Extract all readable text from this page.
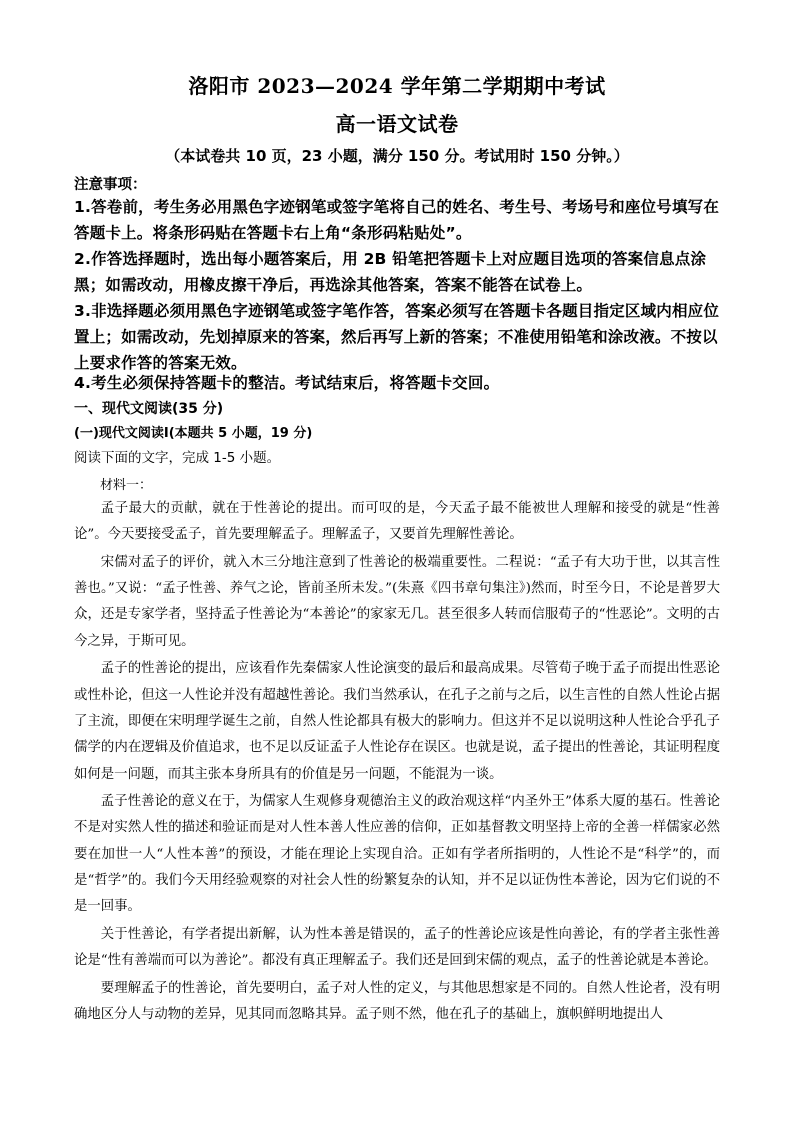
洛阳市 2023—2024 学年第二学期期中考试
高一语文试卷
（本试卷共 10 页，23 小题，满分 150 分。考试用时 150 分钟。）
注意事项：
1.答卷前，考生务必用黑色字迹钢笔或签字笔将自己的姓名、考生号、考场号和座位号填写在答题卡上。将条形码贴在答题卡右上角“条形码粘贴处”。
2.作答选择题时，选出每小题答案后，用 2B 铅笔把答题卡上对应题目选项的答案信息点涂黑；如需改动，用橡皮擦干净后，再选涂其他答案，答案不能答在试卷上。
3.非选择题必须用黑色字迹钢笔或签字笔作答，答案必须写在答题卡各题目指定区域内相应位置上；如需改动，先划掉原来的答案，然后再写上新的答案；不准使用铅笔和涂改液。不按以上要求作答的答案无效。
4.考生必须保持答题卡的整洁。考试结束后，将答题卡交回。
一、现代文阅读(35 分)
(一)现代文阅读Ⅰ(本题共 5 小题，19 分)
阅读下面的文字，完成 1-5 小题。
材料一：

孟子最大的贡献，就在于性善论的提出。而可叹的是，今天孟子最不能被世人理解和接受的就是“性善论”。今天要接受孟子，首先要理解孟子。理解孟子，又要首先理解性善论。

宋儒对孟子的评价，就入木三分地注意到了性善论的极端重要性。二程说：“孟子有大功于世，以其言性善也。”又说：“孟子性善、养气之论，皆前圣所未发。”(朱熹《四书章句集注》)然而，时至今日，不论是普罗大众，还是专家学者，坚持孟子性善论为“本善论”的家家无几。甚至很多人转而信服荀子的“性恶论”。文明的古今之异，于斯可见。

孟子的性善论的提出，应该看作先秦儒家人性论演变的最后和最高成果。尽管荀子晚于孟子而提出性恶论或性朴论，但这一人性论并没有超越性善论。我们当然承认，在孔子之前与之后，以生言性的自然人性论占据了主流，即便在宋明理学诞生之前，自然人性论都具有极大的影响力。但这并不足以说明这种人性论合乎孔子儒学的内在逻辑及价值追求，也不足以反证孟子人性论存在误区。也就是说，孟子提出的性善论，其证明程度如何是一问题，而其主张本身所具有的价值是另一问题，不能混为一谈。

孟子性善论的意义在于，为儒家人生观修身观德治主义的政治观这样“内圣外王”体系大厦的基石。性善论不是对实然人性的描述和验证而是对人性本善人性应善的信仰，正如基督教文明坚持上帝的全善一样儒家必然要在加世一人“人性本善”的预设，才能在理论上实现自洽。正如有学者所指明的，人性论不是“科学”的，而是“哲学”的。我们今天用经验观察的对社会人性的纷繁复杂的认知，并不足以证伪性本善论，因为它们说的不是一回事。

关于性善论，有学者提出新解，认为性本善是错误的，孟子的性善论应该是性向善论，有的学者主张性善论是“性有善端而可以为善论”。都没有真正理解孟子。我们还是回到宋儒的观点，孟子的性善论就是本善论。

要理解孟子的性善论，首先要明白，孟子对人性的定义，与其他思想家是不同的。自然人性论者，没有明确地区分人与动物的差异，见其同而忽略其异。孟子则不然，他在孔子的基础上，旗帜鲜明地提出人
